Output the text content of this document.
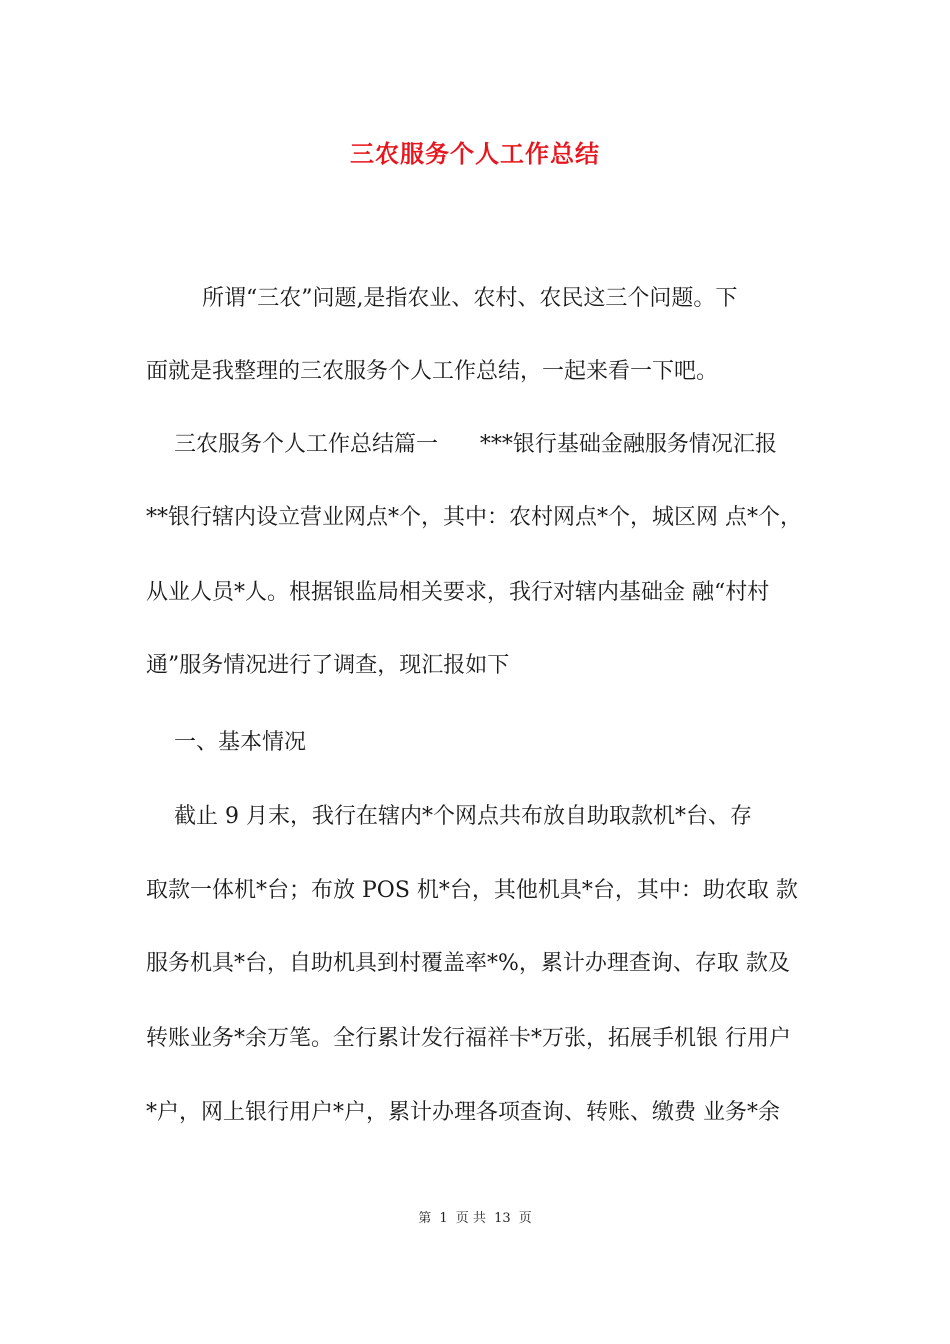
三农服务个人工作总结

所谓“三农”问题,是指农业、农村、农民这三个问题。下

面就是我整理的三农服务个人工作总结，一起来看一下吧。

三农服务个人工作总结篇一      ***银行基础金融服务情况汇报

**银行辖内设立营业网点*个，其中：农村网点*个，城区网 点*个，

从业人员*人。根据银监局相关要求，我行对辖内基础金 融“村村

通”服务情况进行了调查，现汇报如下

一、基本情况

截止 9 月末，我行在辖内*个网点共布放自助取款机*台、存

取款一体机*台；布放 POS 机*台，其他机具*台，其中：助农取 款

服务机具*台，自助机具到村覆盖率*%，累计办理查询、存取 款及

转账业务*余万笔。全行累计发行福祥卡*万张，拓展手机银 行用户

*户，网上银行用户*户，累计办理各项查询、转账、缴费 业务*余

第 1 页 共 13 页
